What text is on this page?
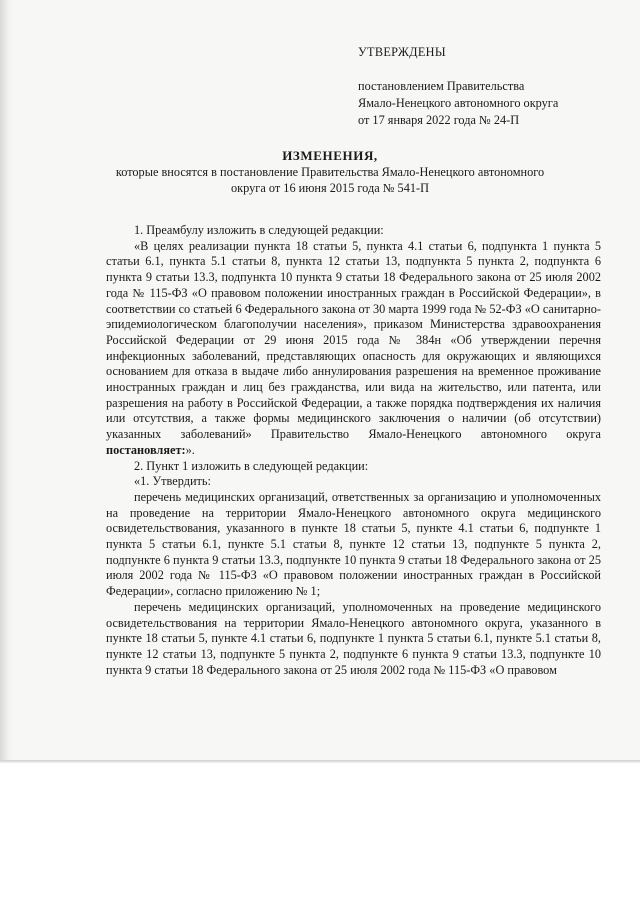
УТВЕРЖДЕНЫ
постановлением Правительства
Ямало-Ненецкого автономного округа
от 17 января 2022 года № 24-П
ИЗМЕНЕНИЯ,
которые вносятся в постановление Правительства Ямало-Ненецкого автономного округа от 16 июня 2015 года № 541-П

1. Преамбулу изложить в следующей редакции:

«В целях реализации пункта 18 статьи 5, пункта 4.1 статьи 6, подпункта 1 пункта 5 статьи 6.1, пункта 5.1 статьи 8, пункта 12 статьи 13, подпункта 5 пункта 2, подпункта 6 пункта 9 статьи 13.3, подпункта 10 пункта 9 статьи 18 Федерального закона от 25 июля 2002 года № 115-ФЗ «О правовом положении иностранных граждан в Российской Федерации», в соответствии со статьей 6 Федерального закона от 30 марта 1999 года № 52-ФЗ «О санитарно-эпидемиологическом благополучии населения», приказом Министерства здравоохранения Российской Федерации от 29 июня 2015 года № 384н «Об утверждении перечня инфекционных заболеваний, представляющих опасность для окружающих и являющихся основанием для отказа в выдаче либо аннулирования разрешения на временное проживание иностранных граждан и лиц без гражданства, или вида на жительство, или патента, или разрешения на работу в Российской Федерации, а также порядка подтверждения их наличия или отсутствия, а также формы медицинского заключения о наличии (об отсутствии) указанных заболеваний» Правительство Ямало-Ненецкого автономного округа постановляет:».

2. Пункт 1 изложить в следующей редакции:

«1. Утвердить:

перечень медицинских организаций, ответственных за организацию и уполномоченных на проведение на территории Ямало-Ненецкого автономного округа медицинского освидетельствования, указанного в пункте 18 статьи 5, пункте 4.1 статьи 6, подпункте 1 пункта 5 статьи 6.1, пункте 5.1 статьи 8, пункте 12 статьи 13, подпункте 5 пункта 2, подпункте 6 пункта 9 статьи 13.3, подпункте 10 пункта 9 статьи 18 Федерального закона от 25 июля 2002 года № 115-ФЗ «О правовом положении иностранных граждан в Российской Федерации», согласно приложению № 1;

перечень медицинских организаций, уполномоченных на проведение медицинского освидетельствования на территории Ямало-Ненецкого автономного округа, указанного в пункте 18 статьи 5, пункте 4.1 статьи 6, подпункте 1 пункта 5 статьи 6.1, пункте 5.1 статьи 8, пункте 12 статьи 13, подпункте 5 пункта 2, подпункте 6 пункта 9 статьи 13.3, подпункте 10 пункта 9 статьи 18 Федерального закона от 25 июля 2002 года № 115-ФЗ «О правовом
